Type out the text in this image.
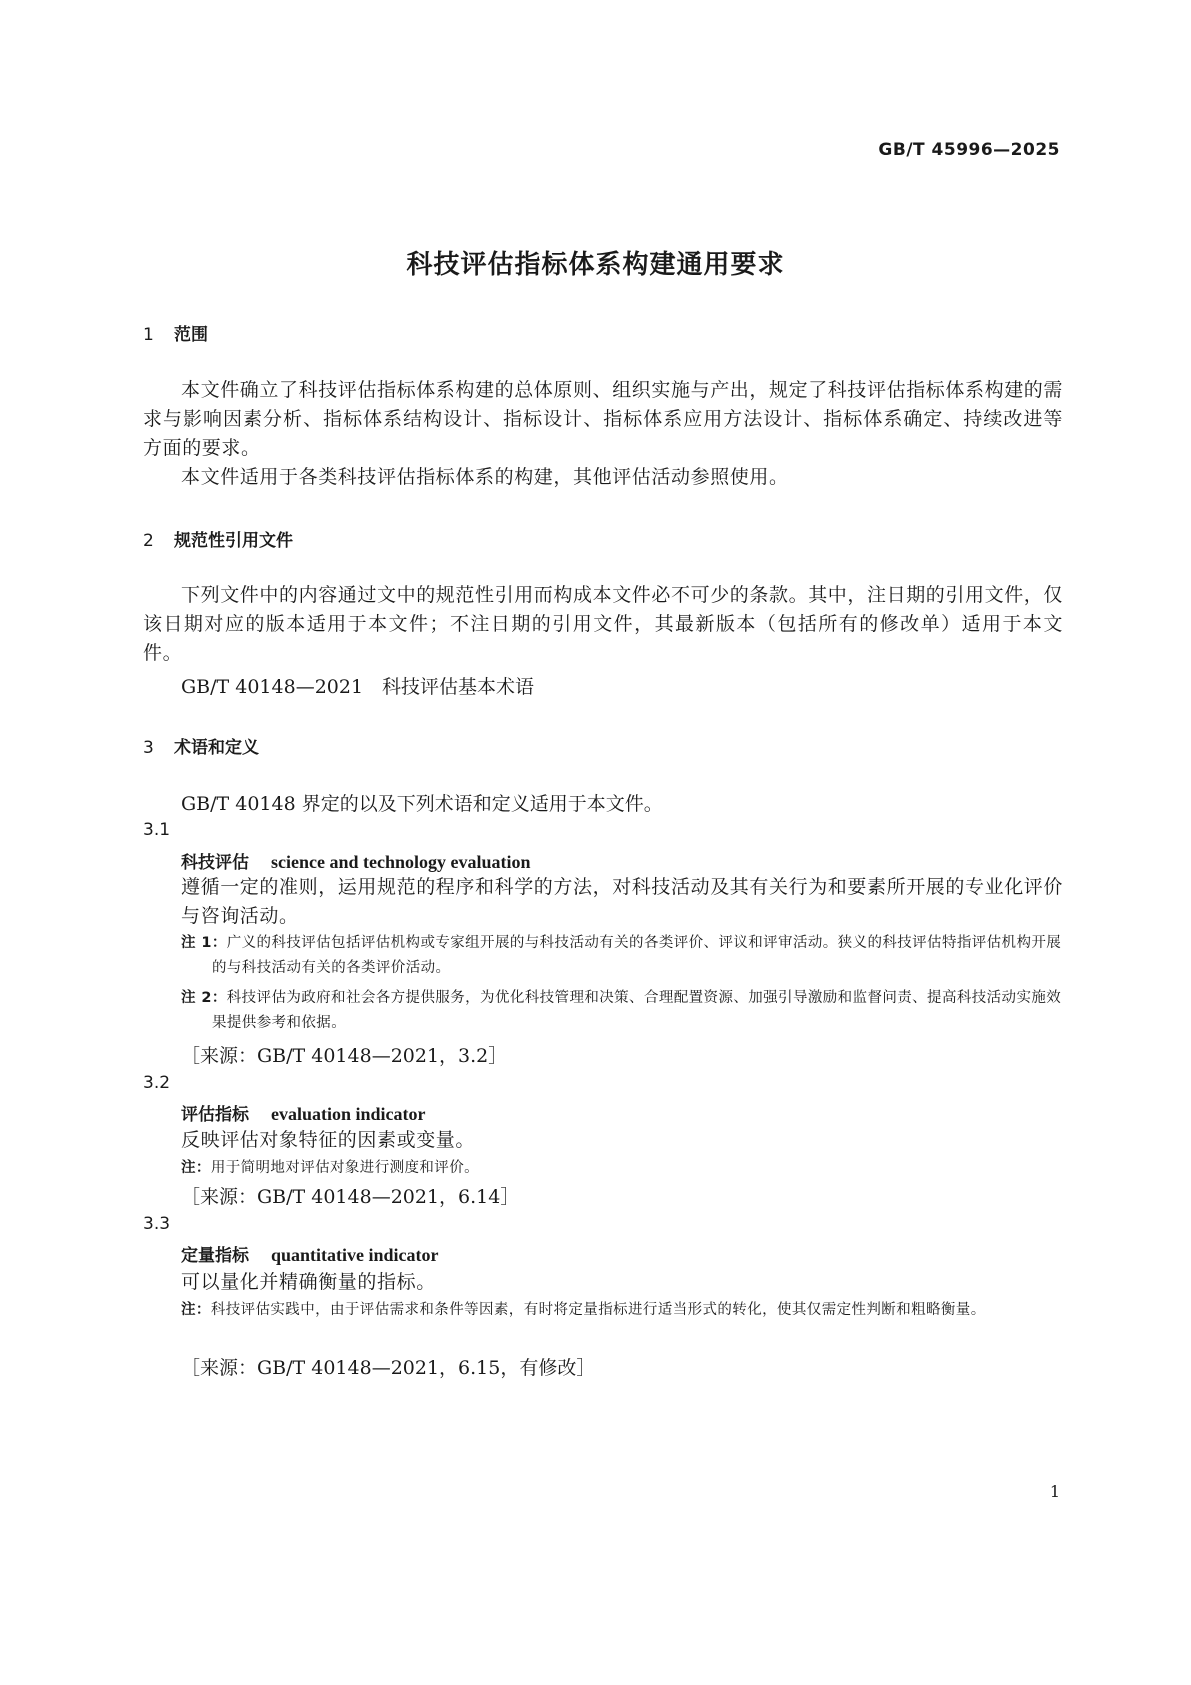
GB/T 45996—2025
科技评估指标体系构建通用要求
1 范围
本文件确立了科技评估指标体系构建的总体原则、组织实施与产出，规定了科技评估指标体系构建的需求与影响因素分析、指标体系结构设计、指标设计、指标体系应用方法设计、指标体系确定、持续改进等方面的要求。
本文件适用于各类科技评估指标体系的构建，其他评估活动参照使用。
2 规范性引用文件
下列文件中的内容通过文中的规范性引用而构成本文件必不可少的条款。其中，注日期的引用文件，仅该日期对应的版本适用于本文件；不注日期的引用文件，其最新版本（包括所有的修改单）适用于本文件。
GB/T 40148—2021　科技评估基本术语
3 术语和定义
GB/T 40148 界定的以及下列术语和定义适用于本文件。
3.1
科技评估 science and technology evaluation
遵循一定的准则，运用规范的程序和科学的方法，对科技活动及其有关行为和要素所开展的专业化评价与咨询活动。
注 1：广义的科技评估包括评估机构或专家组开展的与科技活动有关的各类评价、评议和评审活动。狭义的科技评估特指评估机构开展的与科技活动有关的各类评价活动。
注 2：科技评估为政府和社会各方提供服务，为优化科技管理和决策、合理配置资源、加强引导激励和监督问责、提高科技活动实施效果提供参考和依据。
［来源：GB/T 40148—2021，3.2］
3.2
评估指标 evaluation indicator
反映评估对象特征的因素或变量。
注：用于简明地对评估对象进行测度和评价。
［来源：GB/T 40148—2021，6.14］
3.3
定量指标 quantitative indicator
可以量化并精确衡量的指标。
注：科技评估实践中，由于评估需求和条件等因素，有时将定量指标进行适当形式的转化，使其仅需定性判断和粗略衡量。
［来源：GB/T 40148—2021，6.15，有修改］
1
